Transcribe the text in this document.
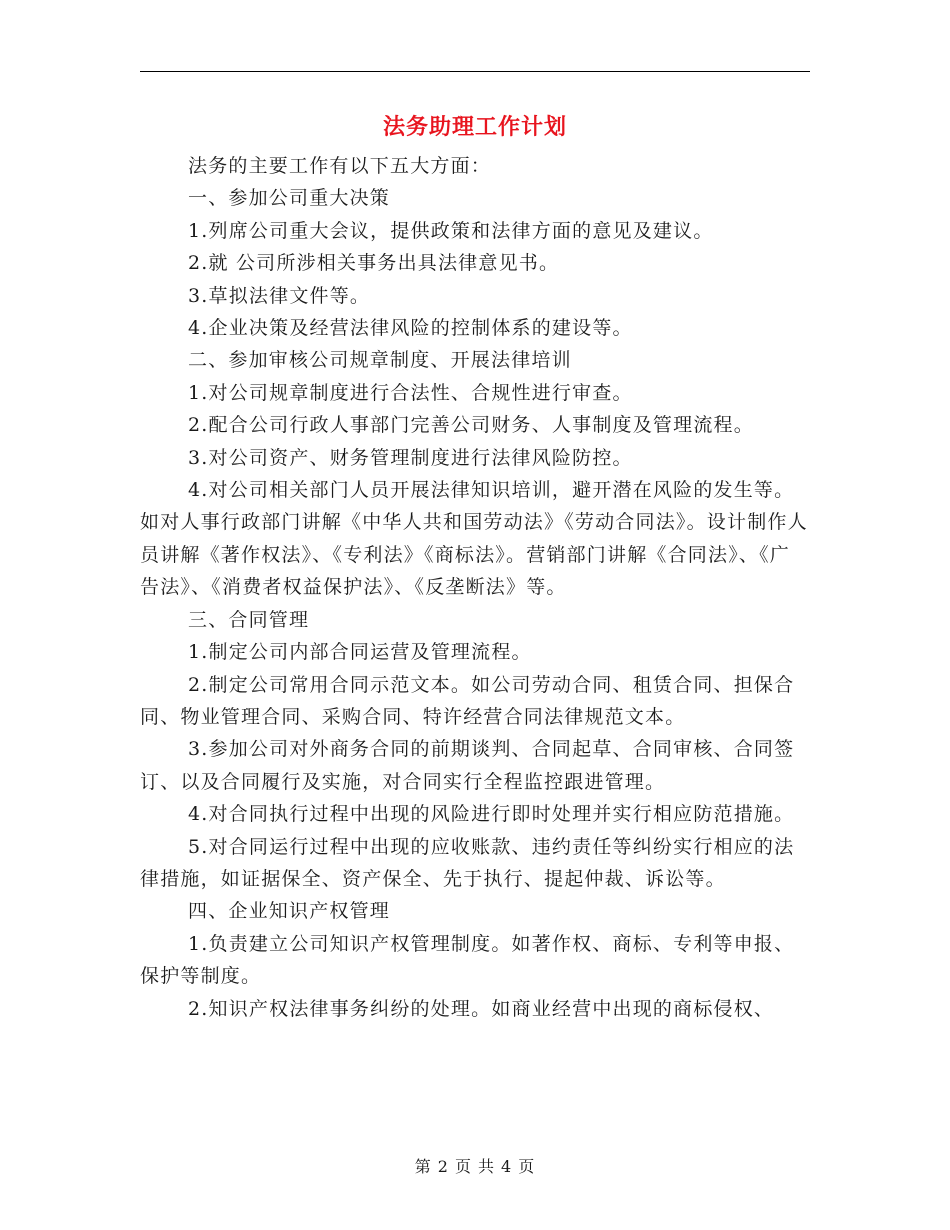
法务助理工作计划

法务的主要工作有以下五大方面：

一、参加公司重大决策

1.列席公司重大会议，提供政策和法律方面的意见及建议。

2.就 公司所涉相关事务出具法律意见书。

3.草拟法律文件等。

4.企业决策及经营法律风险的控制体系的建设等。

二、参加审核公司规章制度、开展法律培训

1.对公司规章制度进行合法性、合规性进行审查。

2.配合公司行政人事部门完善公司财务、人事制度及管理流程。

3.对公司资产、财务管理制度进行法律风险防控。

4.对公司相关部门人员开展法律知识培训，避开潜在风险的发生等。如对人事行政部门讲解《中华人共和国劳动法》《劳动合同法》。设计制作人员讲解《著作权法》、《专利法》《商标法》。营销部门讲解《合同法》、《广告法》、《消费者权益保护法》、《反垄断法》等。

三、合同管理

1.制定公司内部合同运营及管理流程。

2.制定公司常用合同示范文本。如公司劳动合同、租赁合同、担保合同、物业管理合同、采购合同、特许经营合同法律规范文本。

3.参加公司对外商务合同的前期谈判、合同起草、合同审核、合同签订、以及合同履行及实施，对合同实行全程监控跟进管理。

4.对合同执行过程中出现的风险进行即时处理并实行相应防范措施。

5.对合同运行过程中出现的应收账款、违约责任等纠纷实行相应的法律措施，如证据保全、资产保全、先于执行、提起仲裁、诉讼等。

四、企业知识产权管理

1.负责建立公司知识产权管理制度。如著作权、商标、专利等申报、保护等制度。

2.知识产权法律事务纠纷的处理。如商业经营中出现的商标侵权、

第 2 页 共 4 页
